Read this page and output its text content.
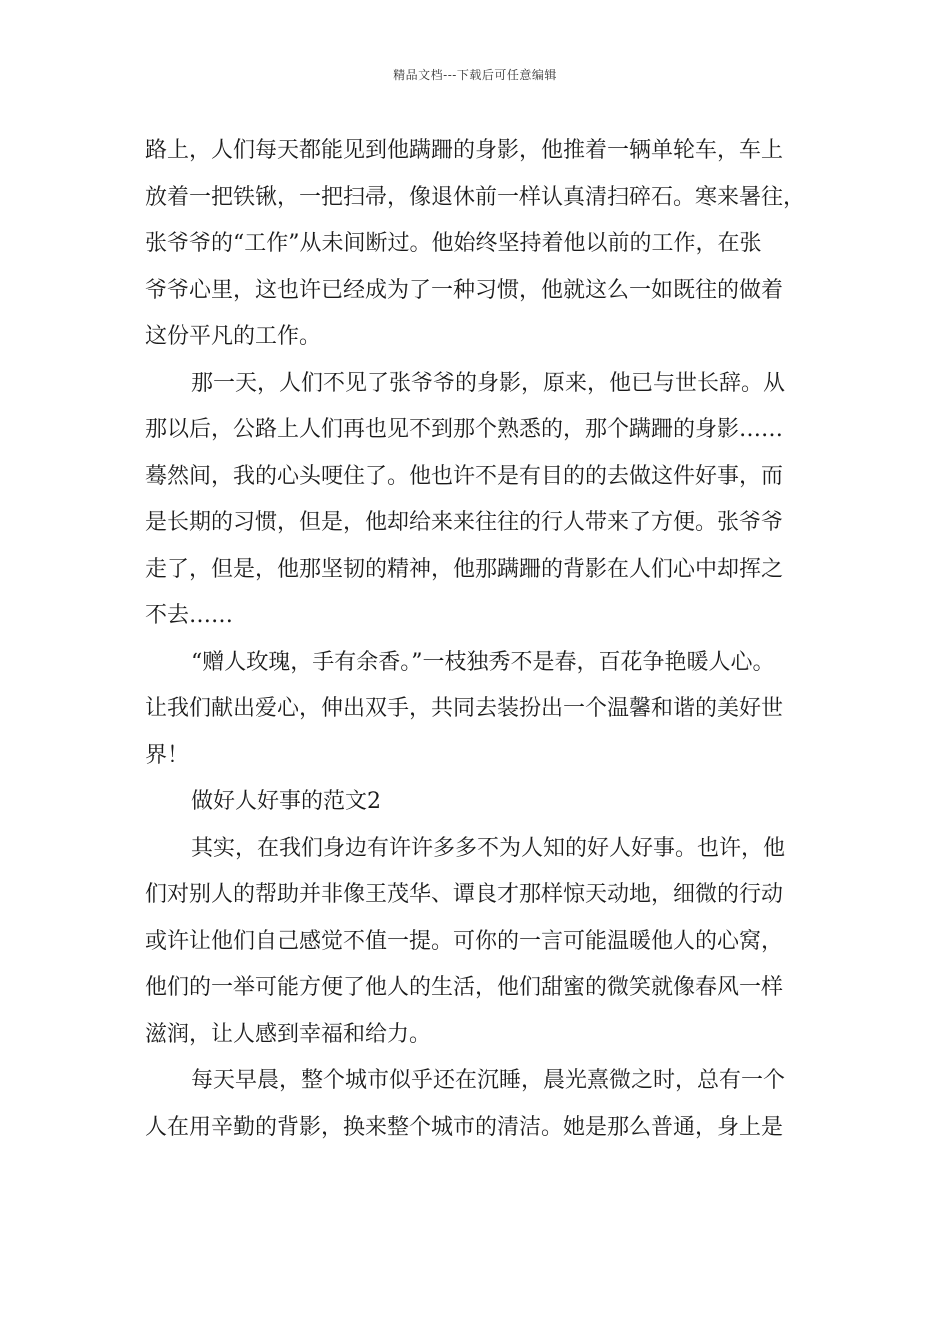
精品文档---下载后可任意编辑
路上，人们每天都能见到他蹒跚的身影，他推着一辆单轮车，车上
放着一把铁锹，一把扫帚，像退休前一样认真清扫碎石。寒来暑往，
张爷爷的“工作”从未间断过。他始终坚持着他以前的工作，在张
爷爷心里，这也许已经成为了一种习惯，他就这么一如既往的做着
这份平凡的工作。
那一天，人们不见了张爷爷的身影，原来，他已与世长辞。从
那以后，公路上人们再也见不到那个熟悉的，那个蹒跚的身影……
蓦然间，我的心头哽住了。他也许不是有目的的去做这件好事，而
是长期的习惯，但是，他却给来来往往的行人带来了方便。张爷爷
走了，但是，他那坚韧的精神，他那蹒跚的背影在人们心中却挥之
不去……
“赠人玫瑰，手有余香。”一枝独秀不是春，百花争艳暖人心。
让我们献出爱心，伸出双手，共同去装扮出一个温馨和谐的美好世
界！
做好人好事的范文2
其实，在我们身边有许许多多不为人知的好人好事。也许，他
们对别人的帮助并非像王茂华、谭良才那样惊天动地，细微的行动
或许让他们自己感觉不值一提。可你的一言可能温暖他人的心窝，
他们的一举可能方便了他人的生活，他们甜蜜的微笑就像春风一样
滋润，让人感到幸福和给力。
每天早晨，整个城市似乎还在沉睡，晨光熹微之时，总有一个
人在用辛勤的背影，换来整个城市的清洁。她是那么普通，身上是
